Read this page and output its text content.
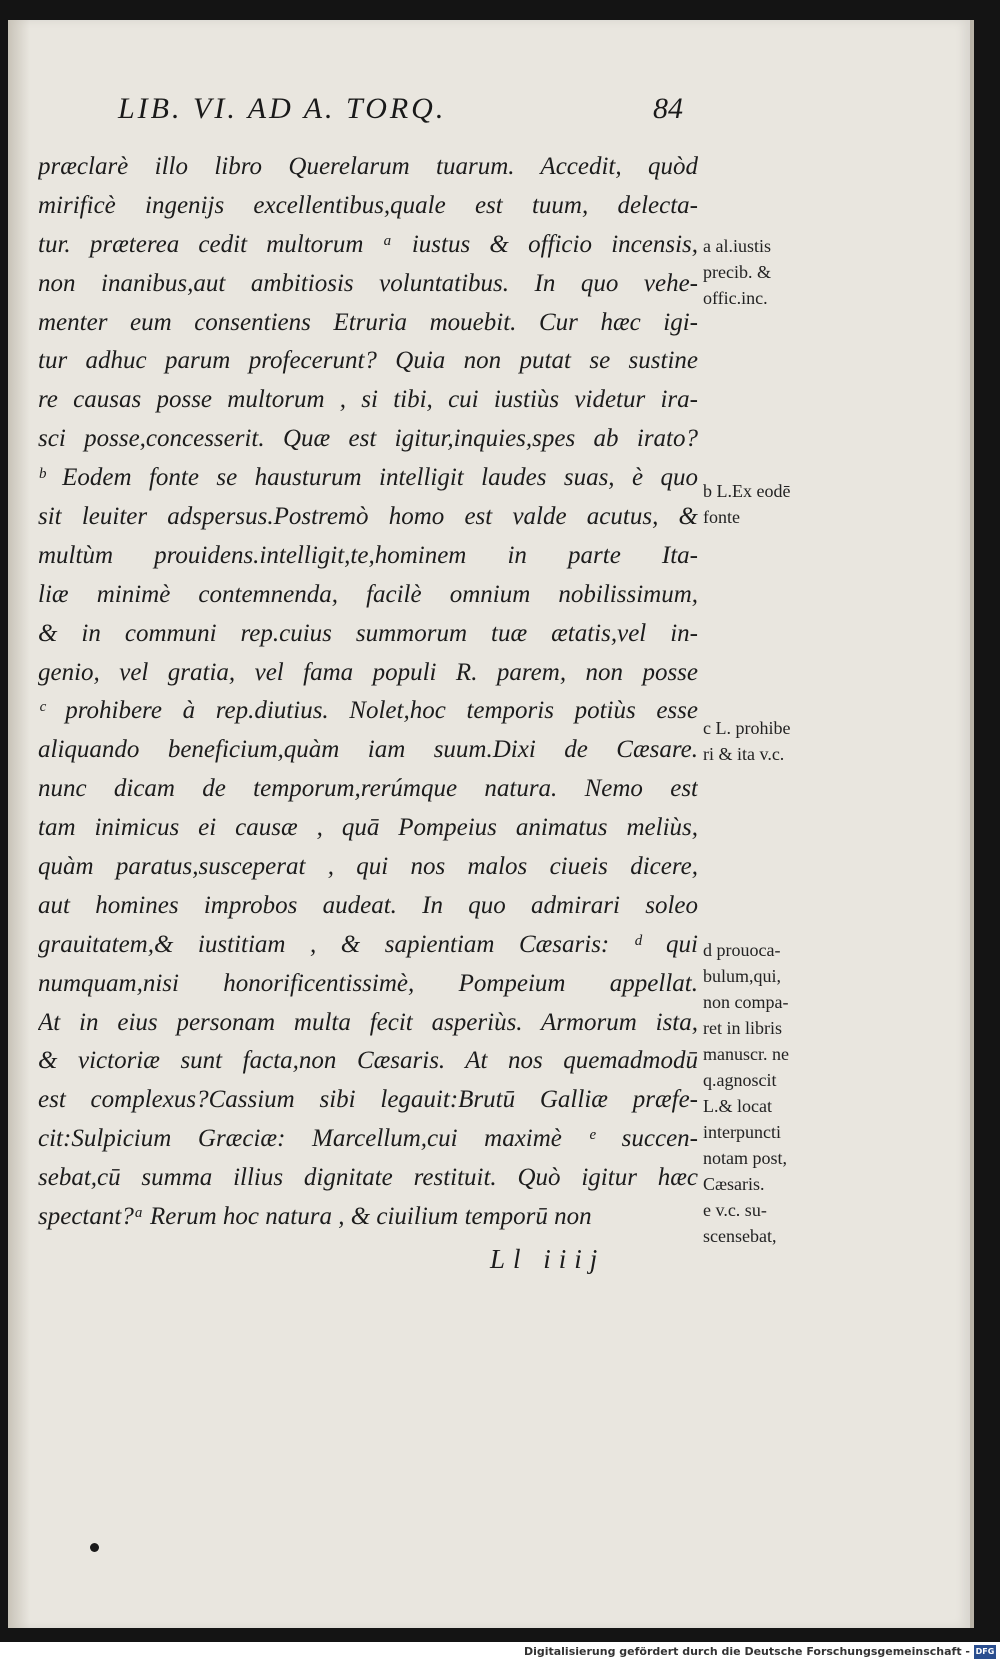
LIB. VI. AD A. TORQ.	84
præclarè illo libro Querelarum tuarum. Accedit, quòd
mirificè ingenijs excellentibus,quale est tuum, delecta-
tur. præterea cedit multorum ᵃ iustus & officio incensis,
non inanibus,aut ambitiosis voluntatibus. In quo vehe-
menter eum consentiens Etruria mouebit. Cur hæc igi-
tur adhuc parum profecerunt? Quia non putat se sustine
re causas posse multorum , si tibi, cui iustiùs videtur ira-
sci posse,concesserit. Quæ est igitur,inquies,spes ab irato?
ᵇ Eodem fonte se hausturum intelligit laudes suas, è quo
sit leuiter adspersus.Postremò homo est valde acutus, &
multùm prouidens.intelligit,te,hominem in parte Ita-
liæ minimè contemnenda, facilè omnium nobilissimum,
& in communi rep.cuius summorum tuæ ætatis,vel in-
genio, vel gratia, vel fama populi R. parem, non posse
ᶜ prohibere à rep.diutius. Nolet,hoc temporis potiùs esse
aliquando beneficium,quàm iam suum.Dixi de Cæsare.
nunc dicam de temporum,rerúmque natura. Nemo est
tam inimicus ei causæ , quā Pompeius animatus meliùs,
quàm paratus,susceperat , qui nos malos ciueis dicere,
aut homines improbos audeat. In quo admirari soleo
grauitatem,& iustitiam , & sapientiam Cæsaris: ᵈ qui
numquam,nisi honorificentissimè, Pompeium appellat.
At in eius personam multa fecit asperiùs. Armorum ista,
& victoriæ sunt facta,non Cæsaris. At nos quemadmodū
est complexus?Cassium sibi legauit:Brutū Galliæ præfe-
cit:Sulpicium Græciæ: Marcellum,cui maximè ᵉ succen-
sebat,cū summa illius dignitate restituit. Quò igitur hæc
spectant?ᵃ Rerum hoc natura , & ciuilium temporū non
Ll iiij
a al.iustis
precib. &
offic.inc.
b L.Ex eodē
fonte
c L. prohibe
ri & ita v.c.
d prouoca-
bulum,qui,
non compa-
ret in libris
manuscr. ne
q.agnoscit
L.& locat
interpuncti
notam post,
Cæsaris.
e v.c. su-
scensebat,
Digitalisierung gefördert durch die Deutsche Forschungsgemeinschaft - DFG
